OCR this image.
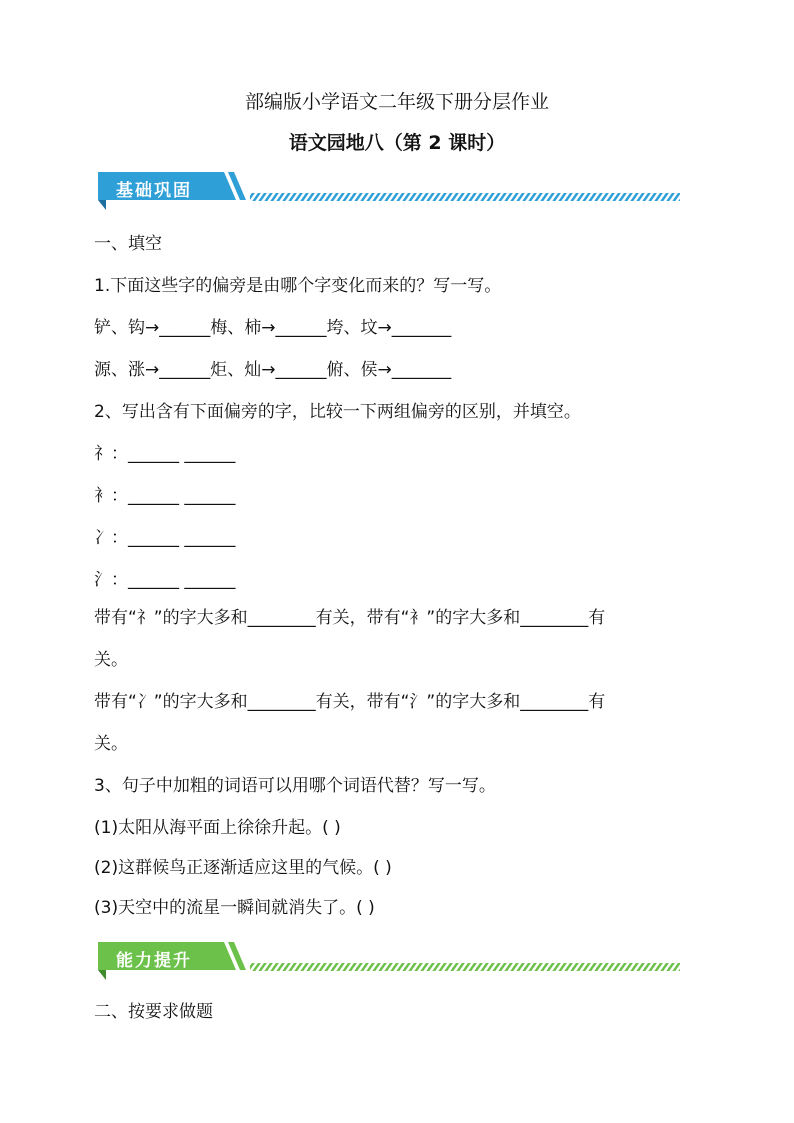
部编版小学语文二年级下册分层作业
语文园地八（第 2 课时）
基础巩固
一、填空
1.下面这些字的偏旁是由哪个字变化而来的？写一写。
铲、钩→______梅、柿→______垮、坟→_______
源、涨→______炬、灿→______俯、侯→_______
2、写出含有下面偏旁的字，比较一下两组偏旁的区别，并填空。
礻：______ ______
衤：______ ______
冫：______ ______
氵：______ ______
带有“礻”的字大多和________有关，带有“衤”的字大多和________有
关。
带有“冫”的字大多和________有关，带有“氵”的字大多和________有
关。
3、句子中加粗的词语可以用哪个词语代替？写一写。
(1)太阳从海平面上徐徐升起。( )
(2)这群候鸟正逐渐适应这里的气候。( )
(3)天空中的流星一瞬间就消失了。( )
能力提升
二、按要求做题
